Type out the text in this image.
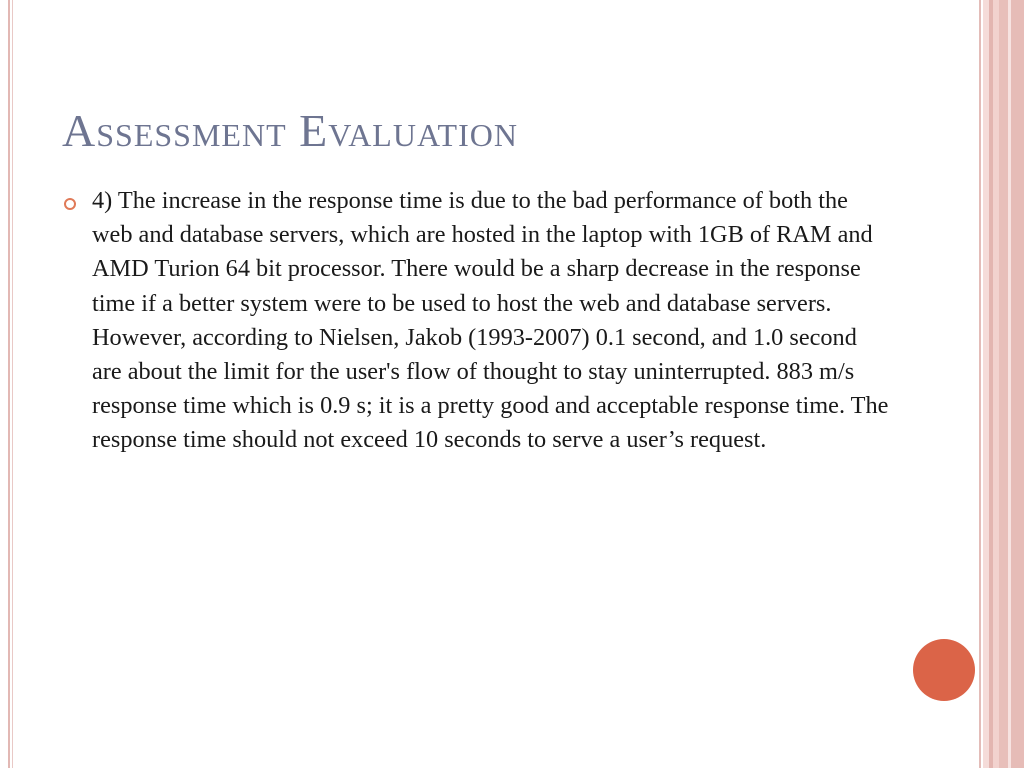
Assessment Evaluation

4) The increase in the response time is due to the bad performance of both the web and database servers, which are hosted in the laptop with 1GB of RAM and AMD Turion 64 bit processor. There would be a sharp decrease in the response time if a better system were to be used to host the web and database servers. However, according to Nielsen, Jakob (1993-2007) 0.1 second, and 1.0 second are about the limit for the user's flow of thought to stay uninterrupted. 883 m/s response time which is 0.9 s; it is a pretty good and acceptable response time. The response time should not exceed 10 seconds to serve a user’s request.
